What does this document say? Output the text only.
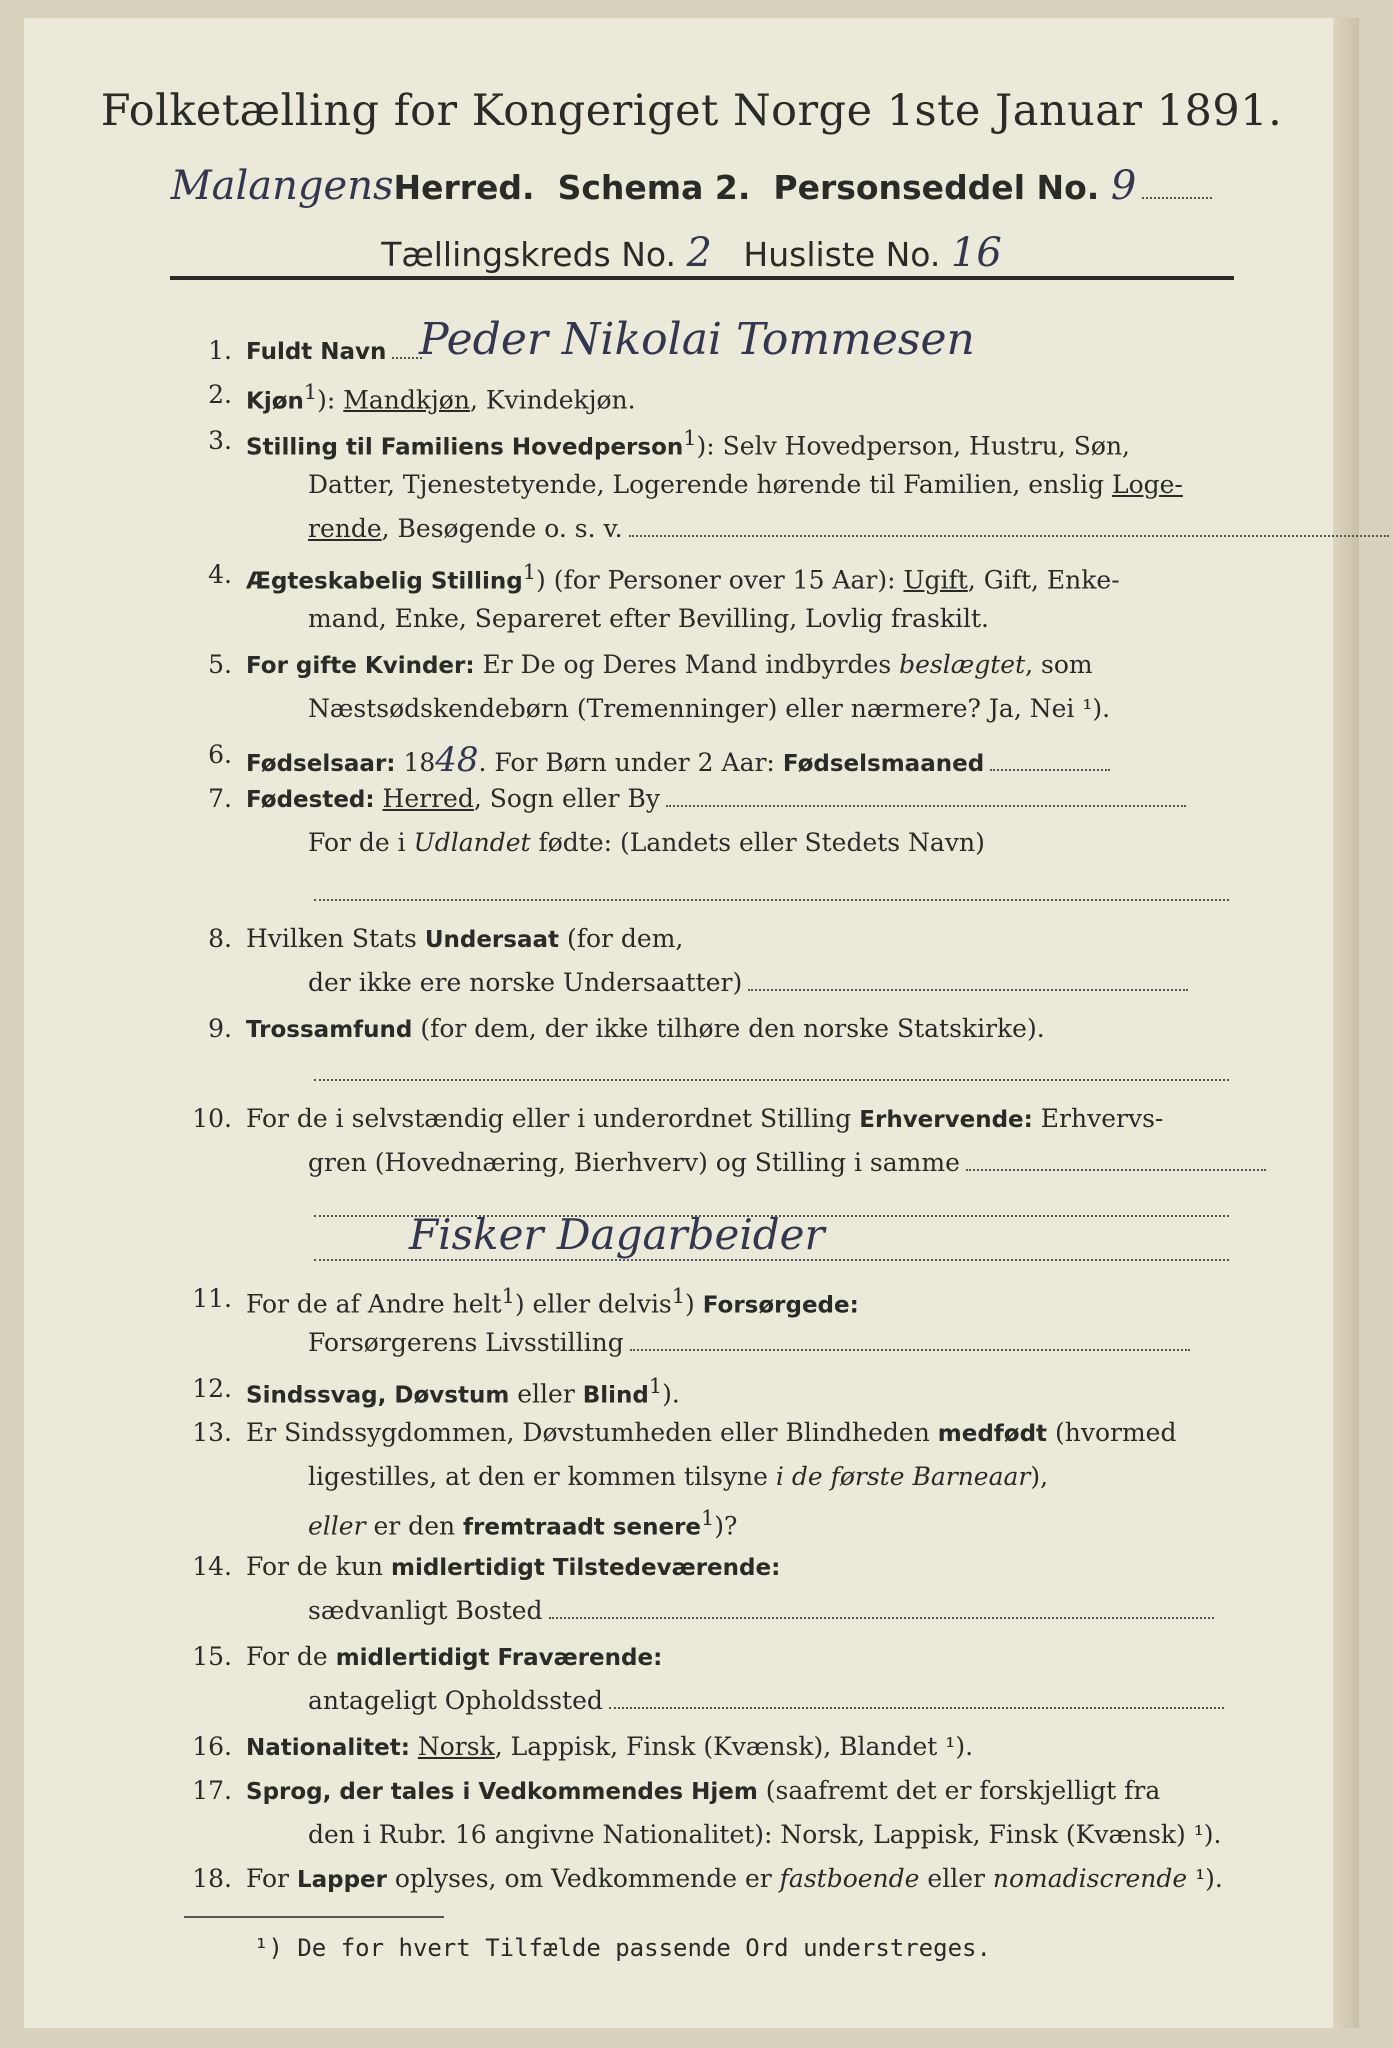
Folketælling for Kongeriget Norge 1ste Januar 1891.
MalangensHerred. Schema 2. Personseddel No. 9
Tællingskreds No. 2 Husliste No. 16
1. Fuldt Navn Peder Nikolai Tommesen
2. Kjøn$^1$): Mandkjøn, Kvindekjøn.
3. Stilling til Familiens Hovedperson$^1$): Selv Hovedperson, Hustru, Søn,
Datter, Tjenestetyende, Logerende hørende til Familien, enslig Loge-
rende, Besøgende o. s. v.
4. Ægteskabelig Stilling$^1$) (for Personer over 15 Aar): Ugift, Gift, Enke-
mand, Enke, Separeret efter Bevilling, Lovlig fraskilt.
5. For gifte Kvinder: Er De og Deres Mand indbyrdes beslægtet, som
Næstsødskendebørn (Tremenninger) eller nærmere? Ja, Nei ¹).
6. Fødselsaar: 1848. For Børn under 2 Aar: Fødselsmaaned
7. Fødested: Herred, Sogn eller By
For de i Udlandet fødte: (Landets eller Stedets Navn)
8. Hvilken Stats Undersaat (for dem,
der ikke ere norske Undersaatter)
9. Trossamfund (for dem, der ikke tilhøre den norske Statskirke).
10. For de i selvstændig eller i underordnet Stilling Erhvervende: Erhvervs-
gren (Hovednæring, Bierhverv) og Stilling i samme
Fisker Dagarbeider
11. For de af Andre helt$^1$) eller delvis$^1$) Forsørgede:
Forsørgerens Livsstilling
12. Sindssvag, Døvstum eller Blind$^1$).
13. Er Sindssygdommen, Døvstumheden eller Blindheden medfødt (hvormed
ligestilles, at den er kommen tilsyne i de første Barneaar),
eller er den fremtraadt senere$^1$)?
14. For de kun midlertidigt Tilstedeværende:
sædvanligt Bosted
15. For de midlertidigt Fraværende:
antageligt Opholdssted
16. Nationalitet: Norsk, Lappisk, Finsk (Kvænsk), Blandet ¹).
17. Sprog, der tales i Vedkommendes Hjem (saafremt det er forskjelligt fra
den i Rubr. 16 angivne Nationalitet): Norsk, Lappisk, Finsk (Kvænsk) ¹).
18. For Lapper oplyses, om Vedkommende er fastboende eller nomadiscrende ¹).
¹) De for hvert Tilfælde passende Ord understreges.
